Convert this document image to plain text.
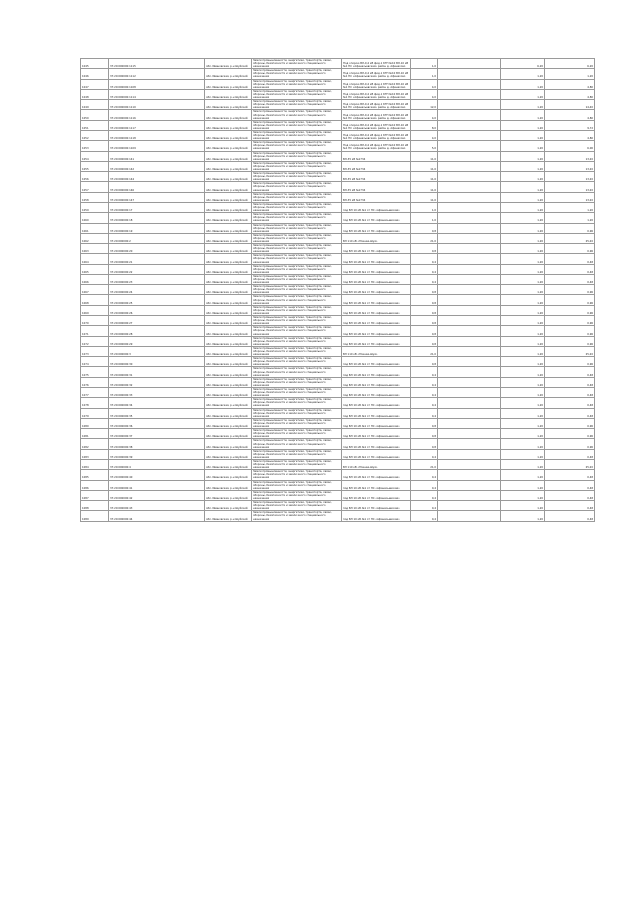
1045	37:20:000000:1115	обл. Ивановская, р-н Шуйский	Земли промышленности, энергетики, транспорта, связи, обороны, безопасности и земли иного специального назначения	Под опорою ВЛ-0,4 кВ фид.1 КТП №10 ВЛ-10 кВ №1 ПС «Афанасьевская» район д. Афанасово	1,0		6,20	6,20

1046	37:20:000000:1112	обл. Ивановская, р-н Шуйский	Земли промышленности, энергетики, транспорта, связи, обороны, безопасности и земли иного специального назначения	Под опорою ВЛ-0,4 кВ фид.1 КТП №10 ВЛ-10 кВ №1 ПС «Афанасьевская» район д. Афанасово	1,0		1,20	1,20

1047	37:20:000000:1108	обл. Ивановская, р-н Шуйский	Земли промышленности, энергетики, транспорта, связи, обороны, безопасности и земли иного специального назначения	Под опорою ВЛ-0,4 кВ фид.1 КТП №10 ВЛ-10 кВ №1 ПС «Афанасьевская» район д. Афанасово	4,0		1,20	4,80

1048	37:20:000000:1114	обл. Ивановская, р-н Шуйский	Земли промышленности, энергетики, транспорта, связи, обороны, безопасности и земли иного специального назначения	Под опорою ВЛ-0,4 кВ фид.1 КТП №10 ВЛ-10 кВ №1 ПС «Афанасьевская» район д. Афанасово	4,0		1,20	4,80

1049	37:20:000000:1110	обл. Ивановская, р-н Шуйский	Земли промышленности, энергетики, транспорта, связи, обороны, безопасности и земли иного специального назначения	Под опорою ВЛ-0,4 кВ фид.1 КТП №10 ВЛ-10 кВ №1 ПС «Афанасьевская» район д. Афанасово	12,0		1,20	14,40

1050	37:20:000000:1116	обл. Ивановская, р-н Шуйский	Земли промышленности, энергетики, транспорта, связи, обороны, безопасности и земли иного специального назначения	Под опорою ВЛ-0,4 кВ фид.1 КТП №10 ВЛ-10 кВ №1 ПС «Афанасьевская» район д. Афанасово	4,0		1,20	4,80

1051	37:20:000000:1117	обл. Ивановская, р-н Шуйский	Земли промышленности, энергетики, транспорта, связи, обороны, безопасности и земли иного специального назначения	Под опорою ВЛ-0,4 кВ фид.1 КТП №10 ВЛ-10 кВ №1 ПС «Афанасьевская» район д. Афанасово	8,0		1,20	9,72

1052	37:20:000000:1118	обл. Ивановская, р-н Шуйский	Земли промышленности, энергетики, транспорта, связи, обороны, безопасности и земли иного специального назначения	Под опорою ВЛ-0,4 кВ фид.1 КТП №10 ВЛ-10 кВ №1 ПС «Афанасьевская» район д. Афанасово	4,0		1,20	4,80

1053	37:20:000000:1109	обл. Ивановская, р-н Шуйский	Земли промышленности, энергетики, транспорта, связи, обороны, безопасности и земли иного специального назначения	Под опорою ВЛ-0,4 кВ фид.1 КТП №10 ВЛ-10 кВ №1 ПС «Афанасьевская» район д. Афанасово	5,0		1,20	6,00

1054	37:20:000000:141	обл. Ивановская, р-н Шуйский	Земли промышленности, энергетики, транспорта, связи, обороны, безопасности и земли иного специального назначения	ВЛ-35 кВ №1734	11,0		1,20	13,20

1055	37:20:000000:142	обл. Ивановская, р-н Шуйский	Земли промышленности, энергетики, транспорта, связи, обороны, безопасности и земли иного специального назначения	ВЛ-35 кВ №1734	11,0		1,20	13,20

1056	37:20:000000:144	обл. Ивановская, р-н Шуйский	Земли промышленности, энергетики, транспорта, связи, обороны, безопасности и земли иного специального назначения	ВЛ-35 кВ №1734	11,0		1,20	13,20

1057	37:20:000000:146	обл. Ивановская, р-н Шуйский	Земли промышленности, энергетики, транспорта, связи, обороны, безопасности и земли иного специального назначения	ВЛ-35 кВ №1734	11,0		1,20	13,20

1058	37:20:000000:147	обл. Ивановская, р-н Шуйский	Земли промышленности, энергетики, транспорта, связи, обороны, безопасности и земли иного специального назначения	ВЛ-35 кВ №1734	11,0		1,20	13,20

1059	37:20:000000:17	обл. Ивановская, р-н Шуйский	Земли промышленности, энергетики, транспорта, связи, обороны, безопасности и земли иного специального назначения	под ВЛ 10 кВ №1 от ПС «Афанасьевская»	1,0		1,20	1,20

1060	37:20:000000:18	обл. Ивановская, р-н Шуйский	Земли промышленности, энергетики, транспорта, связи, обороны, безопасности и земли иного специального назначения	под ВЛ 10 кВ №1 от ПС «Афанасьевская»	1,0		1,20	1,20

1061	37:20:000000:19	обл. Ивановская, р-н Шуйский	Земли промышленности, энергетики, транспорта, связи, обороны, безопасности и земли иного специального назначения	под ВЛ 10 кВ №1 от ПС «Афанасьевская»	0,8		1,20	0,96

1062	37:20:000000:2	обл. Ивановская, р-н Шуйский	Земли промышленности, энергетики, транспорта, связи, обороны, безопасности и земли иного специального назначения	ВЛ 110 кВ «Южная-Шуя»	21,0		1,20	25,20

1063	37:20:000000:20	обл. Ивановская, р-н Шуйский	Земли промышленности, энергетики, транспорта, связи, обороны, безопасности и земли иного специального назначения	под ВЛ 10 кВ №1 от ПС «Афанасьевская»	0,8		1,20	0,96

1064	37:20:000000:21	обл. Ивановская, р-н Шуйский	Земли промышленности, энергетики, транспорта, связи, обороны, безопасности и земли иного специального назначения	под ВЛ 10 кВ №1 от ПС «Афанасьевская»	0,4		1,20	0,48

1065	37:20:000000:22	обл. Ивановская, р-н Шуйский	Земли промышленности, энергетики, транспорта, связи, обороны, безопасности и земли иного специального назначения	под ВЛ 10 кВ №1 от ПС «Афанасьевская»	0,4		1,20	0,48

1066	37:20:000000:23	обл. Ивановская, р-н Шуйский	Земли промышленности, энергетики, транспорта, связи, обороны, безопасности и земли иного специального назначения	под ВЛ 10 кВ №1 от ПС «Афанасьевская»	0,4		1,20	0,48

1067	37:20:000000:24	обл. Ивановская, р-н Шуйский	Земли промышленности, энергетики, транспорта, связи, обороны, безопасности и земли иного специального назначения	под ВЛ 10 кВ №1 от ПС «Афанасьевская»	0,8		1,20	0,96

1068	37:20:000000:25	обл. Ивановская, р-н Шуйский	Земли промышленности, энергетики, транспорта, связи, обороны, безопасности и земли иного специального назначения	под ВЛ 10 кВ №1 от ПС «Афанасьевская»	0,8		1,20	0,96

1069	37:20:000000:26	обл. Ивановская, р-н Шуйский	Земли промышленности, энергетики, транспорта, связи, обороны, безопасности и земли иного специального назначения	под ВЛ 10 кВ №1 от ПС «Афанасьевская»	0,8		1,20	0,96

1070	37:20:000000:27	обл. Ивановская, р-н Шуйский	Земли промышленности, энергетики, транспорта, связи, обороны, безопасности и земли иного специального назначения	под ВЛ 10 кВ №1 от ПС «Афанасьевская»	0,8		1,20	0,96

1071	37:20:000000:28	обл. Ивановская, р-н Шуйский	Земли промышленности, энергетики, транспорта, связи, обороны, безопасности и земли иного специального назначения	под ВЛ 10 кВ №1 от ПС «Афанасьевская»	0,8		1,20	0,96

1072	37:20:000000:29	обл. Ивановская, р-н Шуйский	Земли промышленности, энергетики, транспорта, связи, обороны, безопасности и земли иного специального назначения	под ВЛ 10 кВ №1 от ПС «Афанасьевская»	0,8		1,20	0,96

1073	37:20:000000:3	обл. Ивановская, р-н Шуйский	Земли промышленности, энергетики, транспорта, связи, обороны, безопасности и земли иного специального назначения	ВЛ 110 кВ «Южная-Шуя»	21,0		1,20	25,20

1074	37:20:000000:30	обл. Ивановская, р-н Шуйский	Земли промышленности, энергетики, транспорта, связи, обороны, безопасности и земли иного специального назначения	под ВЛ 10 кВ №1 от ПС «Афанасьевская»	0,8		1,20	0,96

1075	37:20:000000:31	обл. Ивановская, р-н Шуйский	Земли промышленности, энергетики, транспорта, связи, обороны, безопасности и земли иного специального назначения	под ВЛ 10 кВ №1 от ПС «Афанасьевская»	0,4		1,20	0,48

1076	37:20:000000:32	обл. Ивановская, р-н Шуйский	Земли промышленности, энергетики, транспорта, связи, обороны, безопасности и земли иного специального назначения	под ВЛ 10 кВ №1 от ПС «Афанасьевская»	0,4		1,20	0,48

1077	37:20:000000:33	обл. Ивановская, р-н Шуйский	Земли промышленности, энергетики, транспорта, связи, обороны, безопасности и земли иного специального назначения	под ВЛ 10 кВ №1 от ПС «Афанасьевская»	0,4		1,20	0,48

1078	37:20:000000:34	обл. Ивановская, р-н Шуйский	Земли промышленности, энергетики, транспорта, связи, обороны, безопасности и земли иного специального назначения	под ВЛ 10 кВ №1 от ПС «Афанасьевская»	0,4		1,20	0,48

1079	37:20:000000:35	обл. Ивановская, р-н Шуйский	Земли промышленности, энергетики, транспорта, связи, обороны, безопасности и земли иного специального назначения	под ВЛ 10 кВ №1 от ПС «Афанасьевская»	0,4		1,20	0,48

1080	37:20:000000:36	обл. Ивановская, р-н Шуйский	Земли промышленности, энергетики, транспорта, связи, обороны, безопасности и земли иного специального назначения	под ВЛ 10 кВ №1 от ПС «Афанасьевская»	0,8		1,20	0,96

1081	37:20:000000:37	обл. Ивановская, р-н Шуйский	Земли промышленности, энергетики, транспорта, связи, обороны, безопасности и земли иного специального назначения	под ВЛ 10 кВ №1 от ПС «Афанасьевская»	0,8		1,20	0,96

1082	37:20:000000:38	обл. Ивановская, р-н Шуйский	Земли промышленности, энергетики, транспорта, связи, обороны, безопасности и земли иного специального назначения	под ВЛ 10 кВ №1 от ПС «Афанасьевская»	0,8		1,20	0,96

1083	37:20:000000:39	обл. Ивановская, р-н Шуйский	Земли промышленности, энергетики, транспорта, связи, обороны, безопасности и земли иного специального назначения	под ВЛ 10 кВ №1 от ПС «Афанасьевская»	0,4		1,20	0,48

1084	37:20:000000:4	обл. Ивановская, р-н Шуйский	Земли промышленности, энергетики, транспорта, связи, обороны, безопасности и земли иного специального назначения	ВЛ 110 кВ «Южная-Шуя»	21,0		1,20	25,20

1085	37:20:000000:40	обл. Ивановская, р-н Шуйский	Земли промышленности, энергетики, транспорта, связи, обороны, безопасности и земли иного специального назначения	под ВЛ 10 кВ №1 от ПС «Афанасьевская»	0,4		1,20	0,48

1086	37:20:000000:41	обл. Ивановская, р-н Шуйский	Земли промышленности, энергетики, транспорта, связи, обороны, безопасности и земли иного специального назначения	под ВЛ 10 кВ №1 от ПС «Афанасьевская»	0,4		1,20	0,48

1087	37:20:000000:42	обл. Ивановская, р-н Шуйский	Земли промышленности, энергетики, транспорта, связи, обороны, безопасности и земли иного специального назначения	под ВЛ 10 кВ №1 от ПС «Афанасьевская»	0,4		1,20	0,48

1088	37:20:000000:43	обл. Ивановская, р-н Шуйский	Земли промышленности, энергетики, транспорта, связи, обороны, безопасности и земли иного специального назначения	под ВЛ 10 кВ №1 от ПС «Афанасьевская»	0,4		1,20	0,48

1089	37:20:000000:44	обл. Ивановская, р-н Шуйский	Земли промышленности, энергетики, транспорта, связи, обороны, безопасности и земли иного специального назначения	под ВЛ 10 кВ №1 от ПС «Афанасьевская»	0,4		1,20	0,48
